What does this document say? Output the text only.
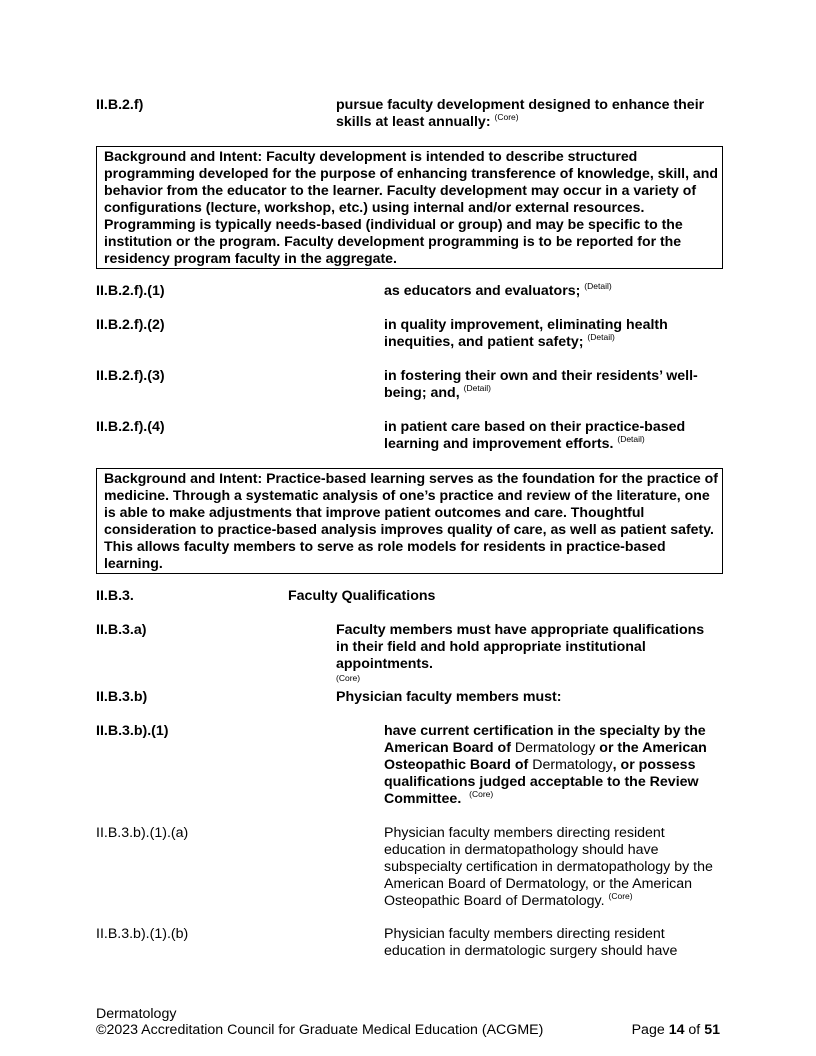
II.B.2.f)	pursue faculty development designed to enhance their skills at least annually: $^{(Core)}$
Background and Intent: Faculty development is intended to describe structured programming developed for the purpose of enhancing transference of knowledge, skill, and behavior from the educator to the learner. Faculty development may occur in a variety of configurations (lecture, workshop, etc.) using internal and/or external resources. Programming is typically needs-based (individual or group) and may be specific to the institution or the program. Faculty development programming is to be reported for the residency program faculty in the aggregate.
II.B.2.f).(1)	as educators and evaluators; $^{(Detail)}$
II.B.2.f).(2)	in quality improvement, eliminating health inequities, and patient safety; $^{(Detail)}$
II.B.2.f).(3)	in fostering their own and their residents’ well-being; and, $^{(Detail)}$
II.B.2.f).(4)	in patient care based on their practice-based learning and improvement efforts. $^{(Detail)}$
Background and Intent: Practice-based learning serves as the foundation for the practice of medicine. Through a systematic analysis of one’s practice and review of the literature, one is able to make adjustments that improve patient outcomes and care. Thoughtful consideration to practice-based analysis improves quality of care, as well as patient safety. This allows faculty members to serve as role models for residents in practice-based learning.
II.B.3.	Faculty Qualifications
II.B.3.a)	Faculty members must have appropriate qualifications in their field and hold appropriate institutional appointments.
(Core)
II.B.3.b)	Physician faculty members must:
II.B.3.b).(1)	have current certification in the specialty by the American Board of Dermatology or the American Osteopathic Board of Dermatology, or possess qualifications judged acceptable to the Review Committee. $^{(Core)}$
II.B.3.b).(1).(a)	Physician faculty members directing resident education in dermatopathology should have subspecialty certification in dermatopathology by the American Board of Dermatology, or the American Osteopathic Board of Dermatology. $^{(Core)}$
II.B.3.b).(1).(b)	Physician faculty members directing resident education in dermatologic surgery should have
Dermatology
©2023 Accreditation Council for Graduate Medical Education (ACGME)	Page 14 of 51
